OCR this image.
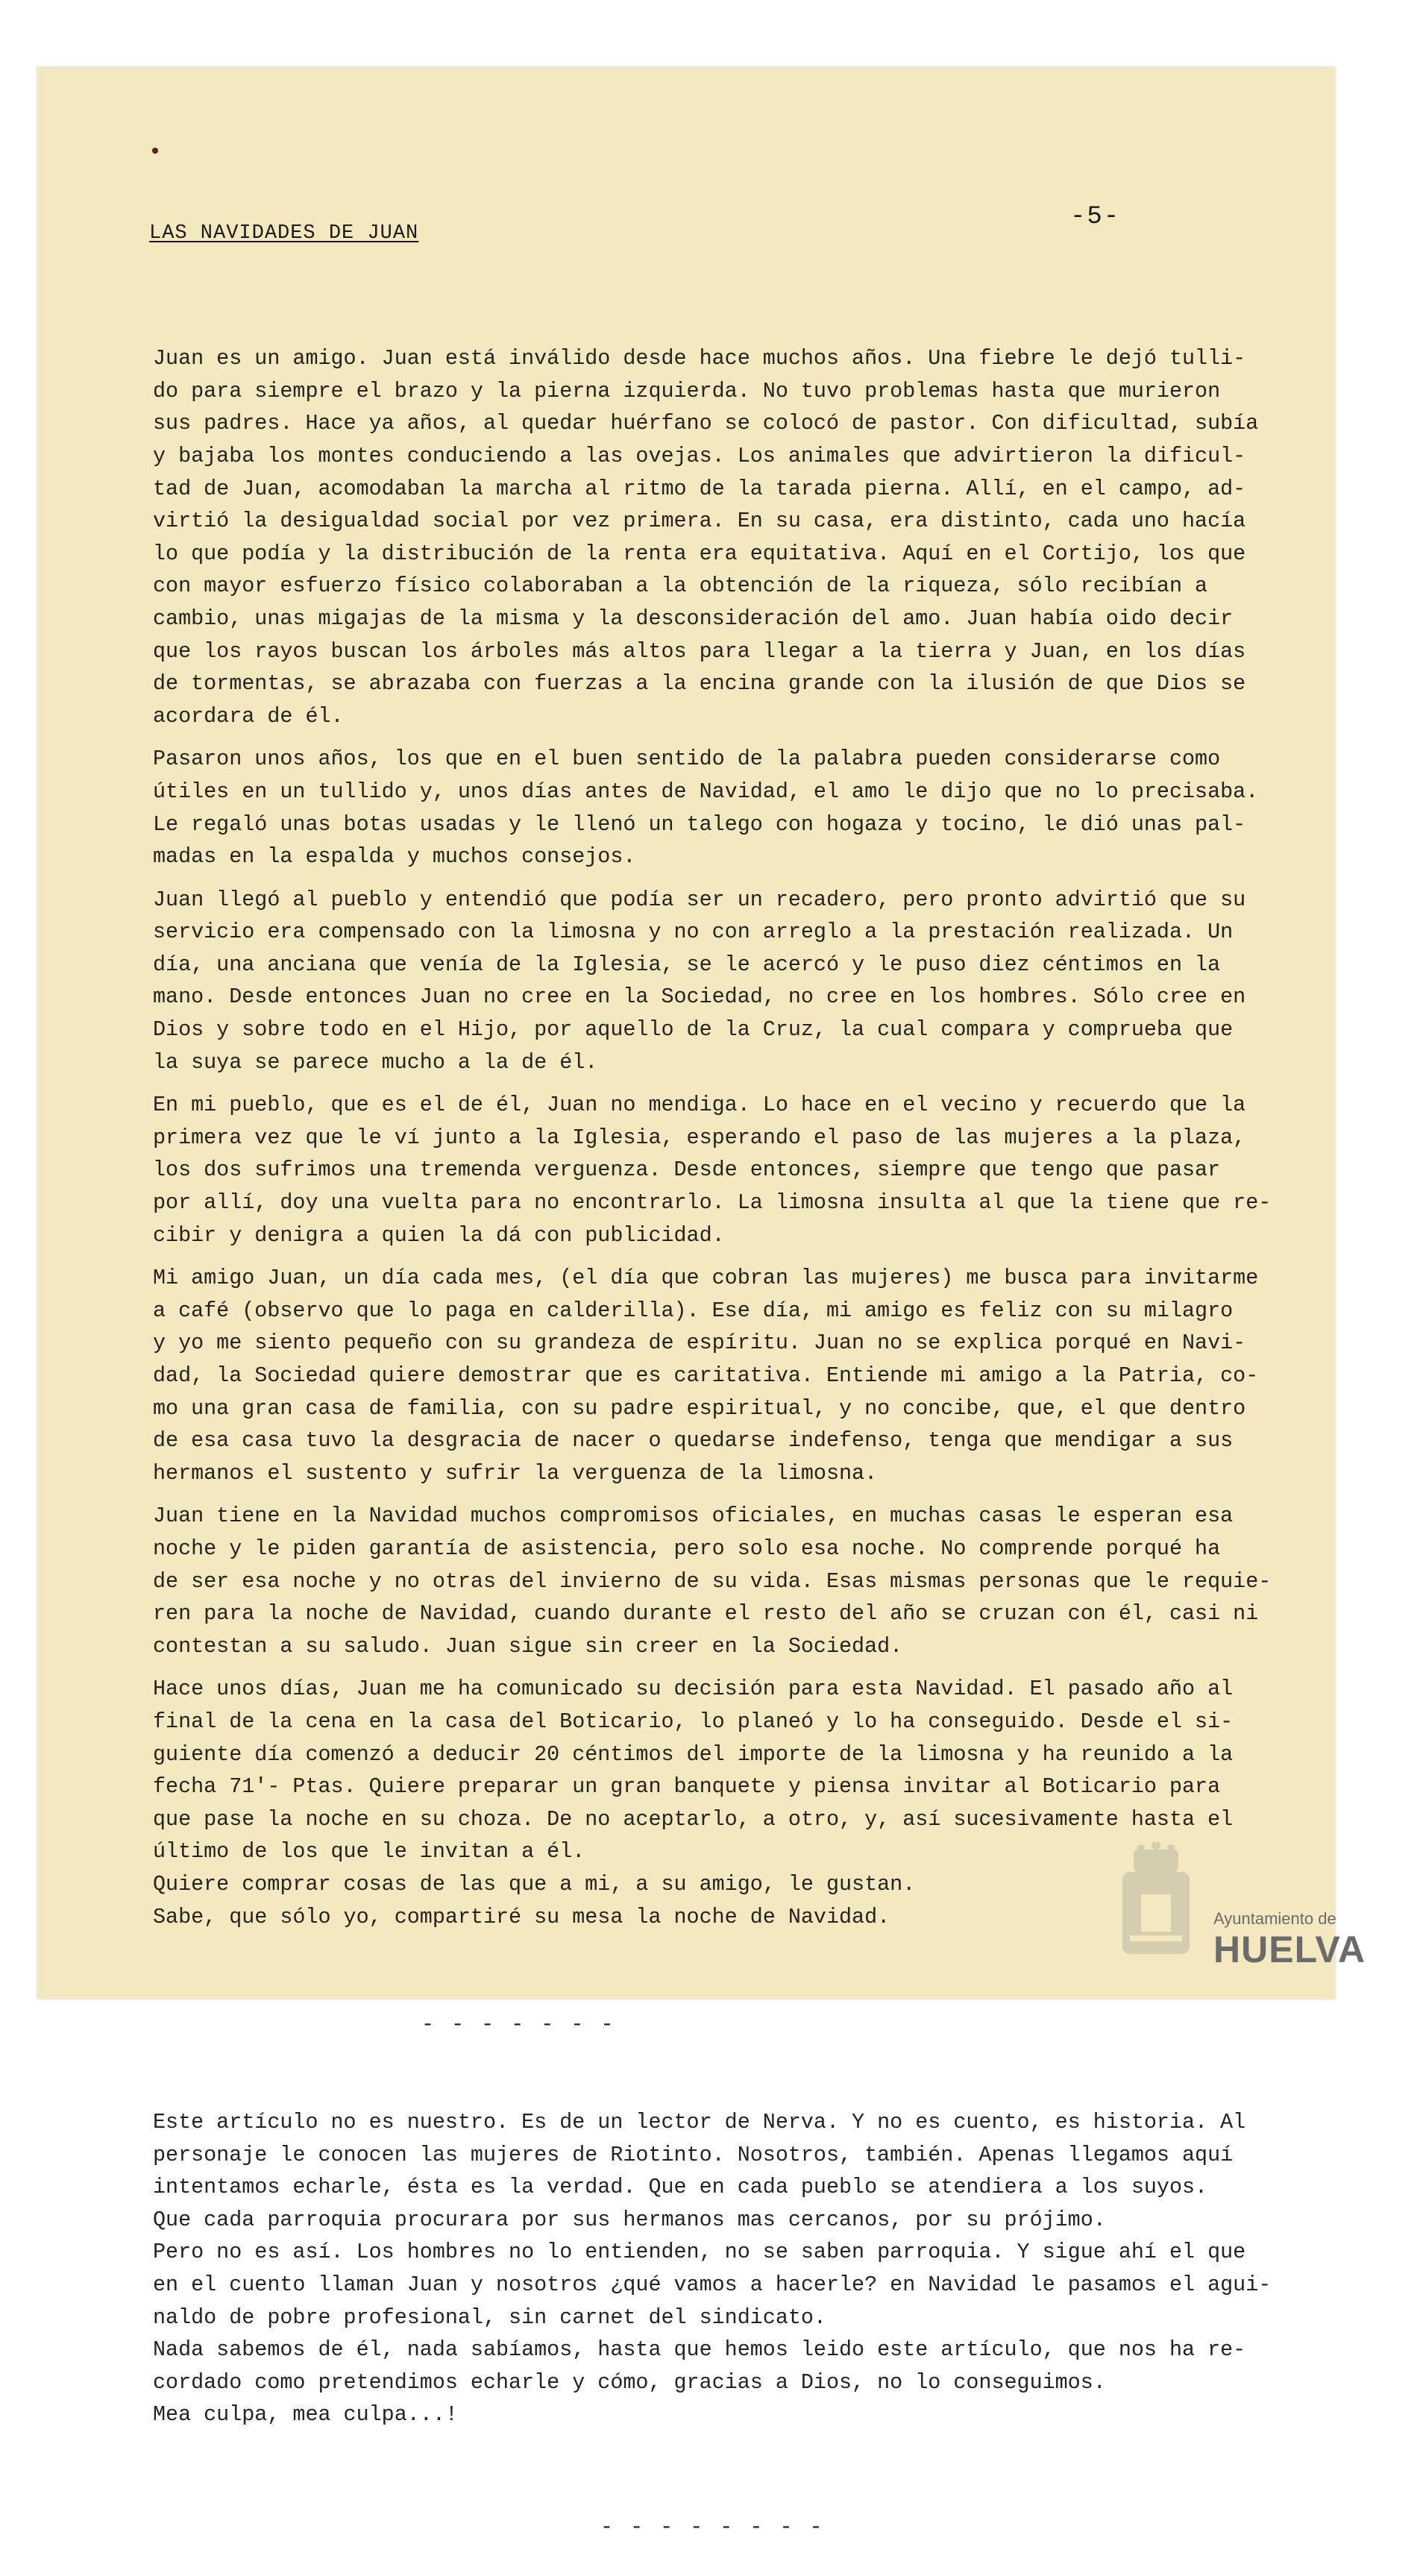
-5-
LAS NAVIDADES DE JUAN

Juan es un amigo. Juan está inválido desde hace muchos años. Una fiebre le dejó tulli-
do para siempre el brazo y la pierna izquierda. No tuvo problemas hasta que murieron
sus padres. Hace ya años, al quedar huérfano se colocó de pastor. Con dificultad, subía
y bajaba los montes conduciendo a las ovejas. Los animales que advirtieron la dificul-
tad de Juan, acomodaban la marcha al ritmo de la tarada pierna. Allí, en el campo, ad-
virtió la desigualdad social por vez primera. En su casa, era distinto, cada uno hacía
lo que podía y la distribución de la renta era equitativa. Aquí en el Cortijo, los que
con mayor esfuerzo físico colaboraban a la obtención de la riqueza, sólo recibían a
cambio, unas migajas de la misma y la desconsideración del amo. Juan había oido decir
que los rayos buscan los árboles más altos para llegar a la tierra y Juan, en los días
de tormentas, se abrazaba con fuerzas a la encina grande con la ilusión de que Dios se
acordara de él.
Pasaron unos años, los que en el buen sentido de la palabra pueden considerarse como
útiles en un tullido y, unos días antes de Navidad, el amo le dijo que no lo precisaba.
Le regaló unas botas usadas y le llenó un talego con hogaza y tocino, le dió unas pal-
madas en la espalda y muchos consejos.
Juan llegó al pueblo y entendió que podía ser un recadero, pero pronto advirtió que su
servicio era compensado con la limosna y no con arreglo a la prestación realizada. Un
día, una anciana que venía de la Iglesia, se le acercó y le puso diez céntimos en la
mano. Desde entonces Juan no cree en la Sociedad, no cree en los hombres. Sólo cree en
Dios y sobre todo en el Hijo, por aquello de la Cruz, la cual compara y comprueba que
la suya se parece mucho a la de él.
En mi pueblo, que es el de él, Juan no mendiga. Lo hace en el vecino y recuerdo que la
primera vez que le ví junto a la Iglesia, esperando el paso de las mujeres a la plaza,
los dos sufrimos una tremenda verguenza. Desde entonces, siempre que tengo que pasar
por allí, doy una vuelta para no encontrarlo. La limosna insulta al que la tiene que re-
cibir y denigra a quien la dá con publicidad.
Mi amigo Juan, un día cada mes, (el día que cobran las mujeres) me busca para invitarme
a café (observo que lo paga en calderilla). Ese día, mi amigo es feliz con su milagro
y yo me siento pequeño con su grandeza de espíritu. Juan no se explica porqué en Navi-
dad, la Sociedad quiere demostrar que es caritativa. Entiende mi amigo a la Patria, co-
mo una gran casa de familia, con su padre espiritual, y no concibe, que, el que dentro
de esa casa tuvo la desgracia de nacer o quedarse indefenso, tenga que mendigar a sus
hermanos el sustento y sufrir la verguenza de la limosna.
Juan tiene en la Navidad muchos compromisos oficiales, en muchas casas le esperan esa
noche y le piden garantía de asistencia, pero solo esa noche. No comprende porqué ha
de ser esa noche y no otras del invierno de su vida. Esas mismas personas que le requie-
ren para la noche de Navidad, cuando durante el resto del año se cruzan con él, casi ni
contestan a su saludo. Juan sigue sin creer en la Sociedad.
Hace unos días, Juan me ha comunicado su decisión para esta Navidad. El pasado año al
final de la cena en la casa del Boticario, lo planeó y lo ha conseguido. Desde el si-
guiente día comenzó a deducir 20 céntimos del importe de la limosna y ha reunido a la
fecha 71'- Ptas. Quiere preparar un gran banquete y piensa invitar al Boticario para
que pase la noche en su choza. De no aceptarlo, a otro, y, así sucesivamente hasta el
último de los que le invitan a él.
Quiere comprar cosas de las que a mi, a su amigo, le gustan.
Sabe, que sólo yo, compartiré su mesa la noche de Navidad.

- - - - - - -

Este artículo no es nuestro. Es de un lector de Nerva. Y no es cuento, es historia. Al
personaje le conocen las mujeres de Riotinto. Nosotros, también. Apenas llegamos aquí
intentamos echarle, ésta es la verdad. Que en cada pueblo se atendiera a los suyos.
Que cada parroquia procurara por sus hermanos mas cercanos, por su prójimo.
Pero no es así. Los hombres no lo entienden, no se saben parroquia. Y sigue ahí el que
en el cuento llaman Juan y nosotros ¿qué vamos a hacerle? en Navidad le pasamos el agui-
naldo de pobre profesional, sin carnet del sindicato.
Nada sabemos de él, nada sabíamos, hasta que hemos leido este artículo, que nos ha re-
cordado como pretendimos echarle y cómo, gracias a Dios, no lo conseguimos.
Mea culpa, mea culpa...!

- - - - - - - -

Ayuntamiento de
HUELVA
